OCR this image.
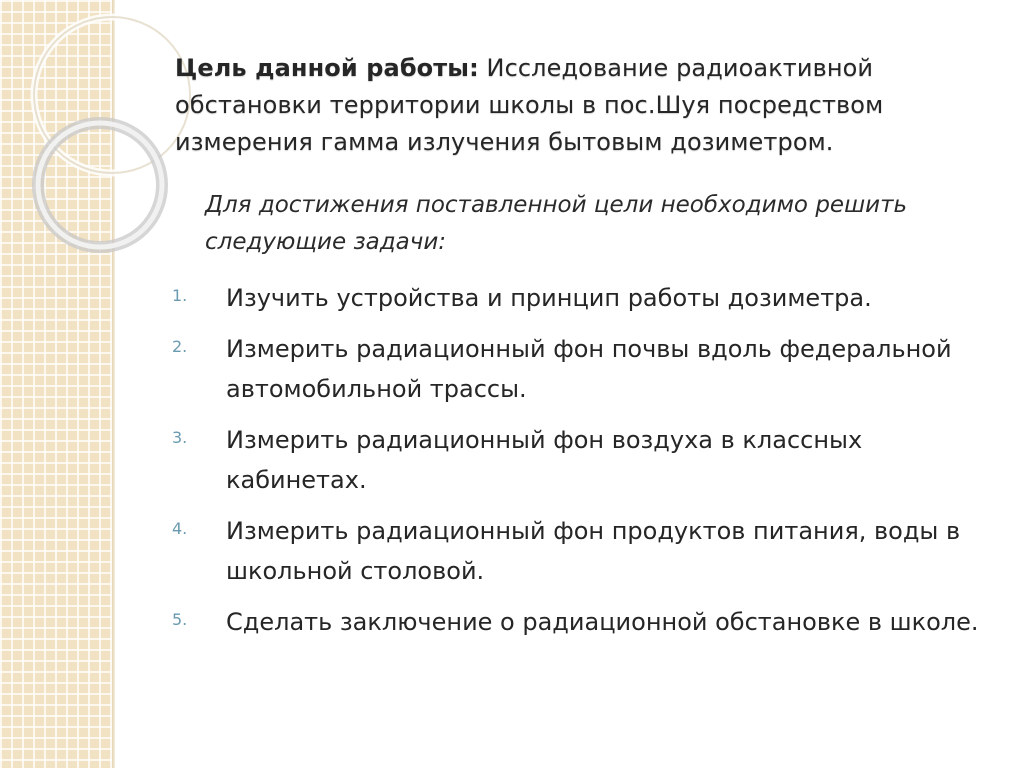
Цель данной работы: Исследование радиоактивной обстановки территории школы в пос.Шуя посредством измерения гамма излучения бытовым дозиметром.
Для достижения поставленной цели необходимо решить следующие задачи:
1. Изучить устройства и принцип работы дозиметра.
2. Измерить радиационный фон почвы вдоль федеральной автомобильной трассы.
3. Измерить радиационный фон воздуха в классных кабинетах.
4. Измерить радиационный фон продуктов питания, воды в школьной столовой.
5. Сделать заключение о радиационной обстановке в школе.
